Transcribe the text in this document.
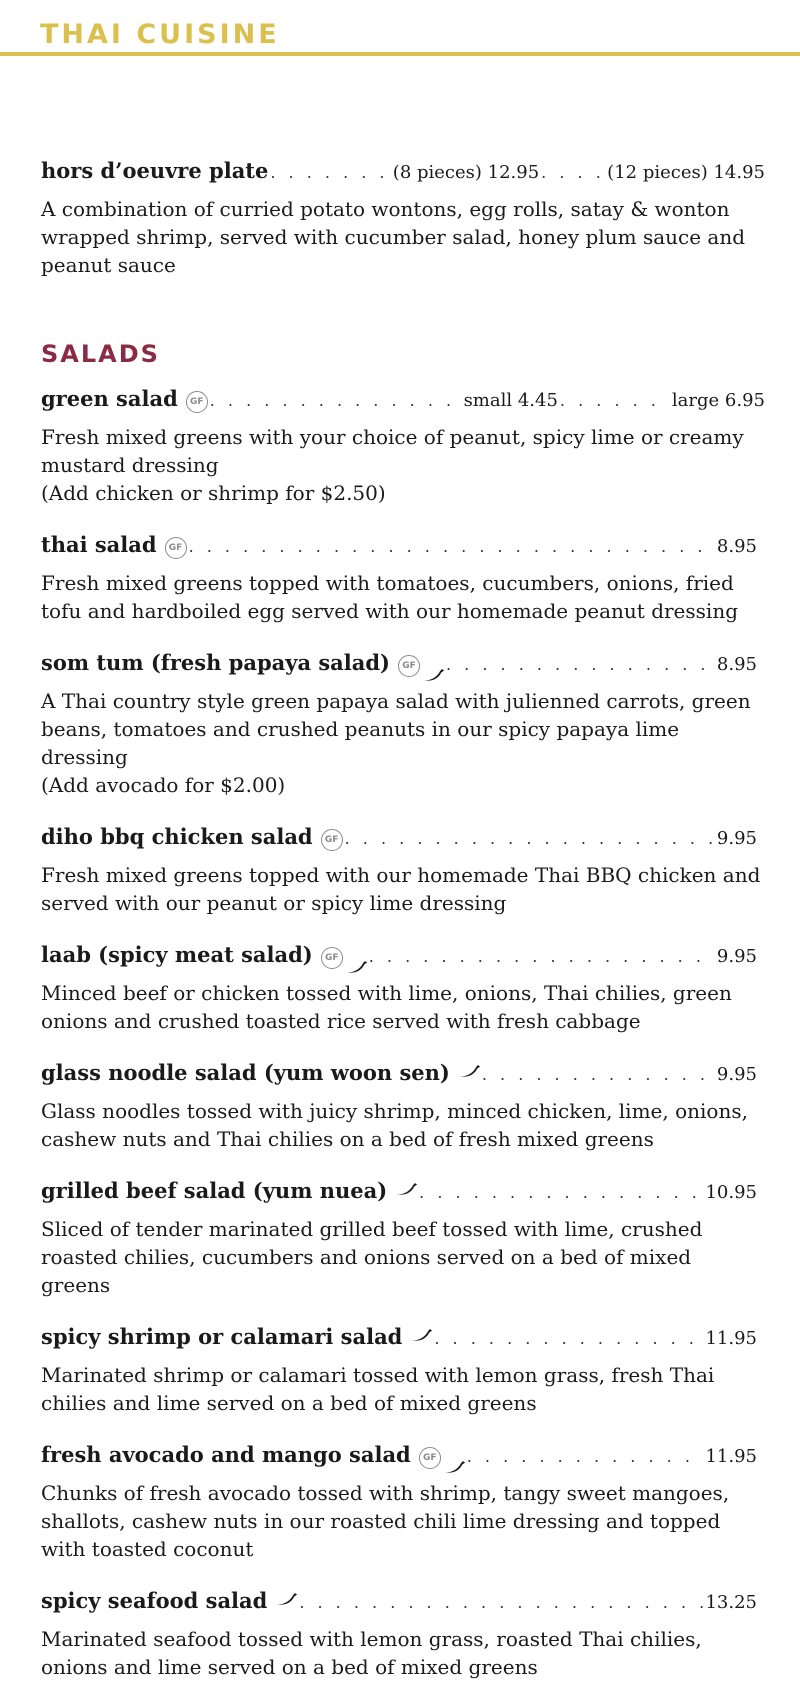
THAI CUISINE
hors d’oeuvre plate . . .	(8 pieces) 12.95 . . .	(12 pieces) 14.95
A combination of curried potato wontons, egg rolls, satay & wonton wrapped shrimp, served with cucumber salad, honey plum sauce and peanut sauce
SALADS
green salad	GF . . .	small 4.45 . . .	large 6.95
Fresh mixed greens with your choice of peanut, spicy lime or creamy mustard dressing
(Add chicken or shrimp for $2.50)
thai salad	GF . . .	8.95
Fresh mixed greens topped with tomatoes, cucumbers, onions, fried tofu and hardboiled egg served with our homemade peanut dressing
som tum (fresh papaya salad)	GF . . .	8.95
A Thai country style green papaya salad with julienned carrots, green beans, tomatoes and crushed peanuts in our spicy papaya lime dressing
(Add avocado for $2.00)
diho bbq chicken salad	GF . . .	9.95
Fresh mixed greens topped with our homemade Thai BBQ chicken and served with our peanut or spicy lime dressing
laab (spicy meat salad)	GF . . .	9.95
Minced beef or chicken tossed with lime, onions, Thai chilies, green onions and crushed toasted rice served with fresh cabbage
glass noodle salad (yum woon sen) . . .	9.95
Glass noodles tossed with juicy shrimp, minced chicken, lime, onions, cashew nuts and Thai chilies on a bed of fresh mixed greens
grilled beef salad (yum nuea) . . .	10.95
Sliced of tender marinated grilled beef tossed with lime, crushed roasted chilies, cucumbers and onions served on a bed of mixed greens
spicy shrimp or calamari salad . . .	11.95
Marinated shrimp or calamari tossed with lemon grass, fresh Thai chilies and lime served on a bed of mixed greens
fresh avocado and mango salad	GF . . .	11.95
Chunks of fresh avocado tossed with shrimp, tangy sweet mangoes, shallots, cashew nuts in our roasted chili lime dressing and topped with toasted coconut
spicy seafood salad . . .	13.25
Marinated seafood tossed with lemon grass, roasted Thai chilies, onions and lime served on a bed of mixed greens
